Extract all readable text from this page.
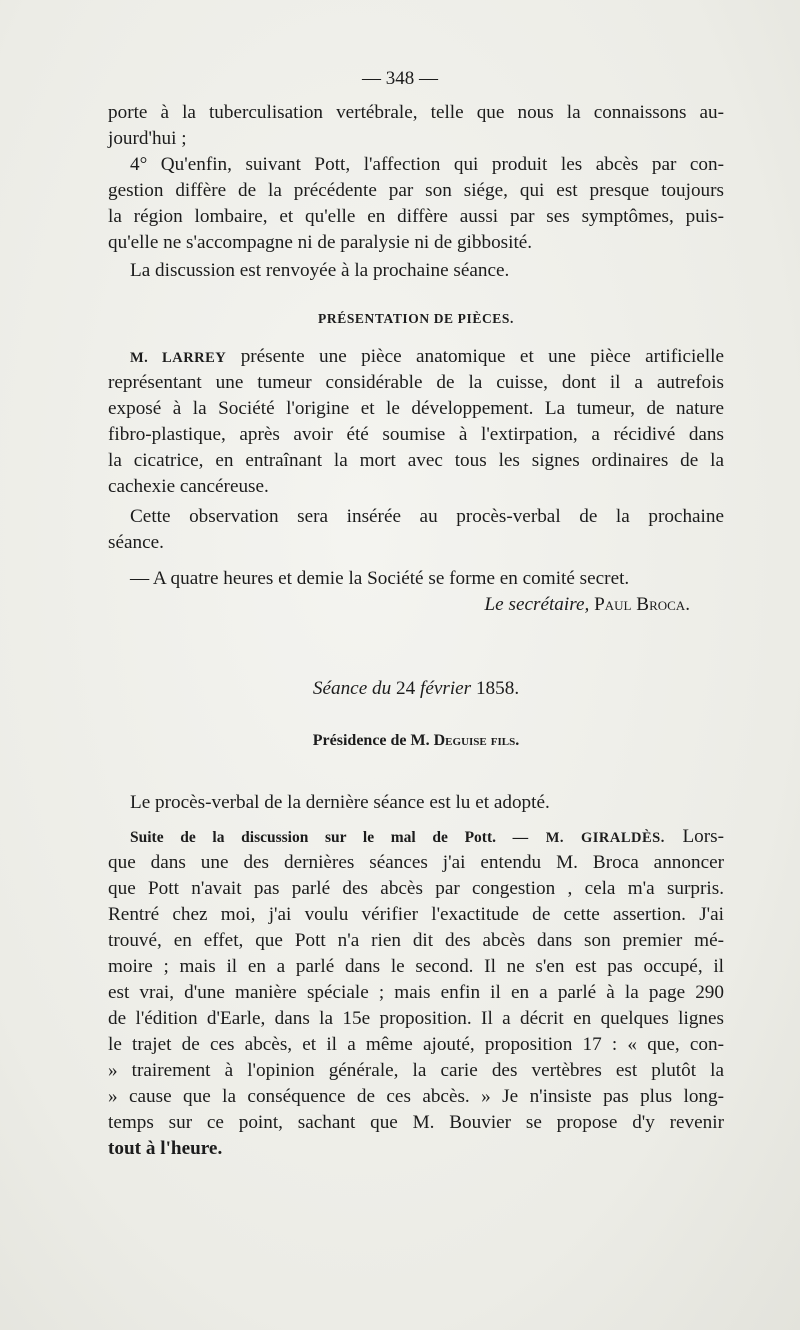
— 348 —
porte à la tuberculisation vertébrale, telle que nous la connaissons au-
jourd'hui ;
4° Qu'enfin, suivant Pott, l'affection qui produit les abcès par con-
gestion diffère de la précédente par son siége, qui est presque toujours
la région lombaire, et qu'elle en diffère aussi par ses symptômes, puis-
qu'elle ne s'accompagne ni de paralysie ni de gibbosité.
La discussion est renvoyée à la prochaine séance.
PRÉSENTATION DE PIÈCES.
M. LARREY présente une pièce anatomique et une pièce artificielle
représentant une tumeur considérable de la cuisse, dont il a autrefois
exposé à la Société l'origine et le développement. La tumeur, de nature
fibro-plastique, après avoir été soumise à l'extirpation, a récidivé dans
la cicatrice, en entraînant la mort avec tous les signes ordinaires de la
cachexie cancéreuse.
Cette observation sera insérée au procès-verbal de la prochaine
séance.
— A quatre heures et demie la Société se forme en comité secret.
Le secrétaire, Paul Broca.
Séance du 24 février 1858.
Présidence de M. Deguise fils.
Le procès-verbal de la dernière séance est lu et adopté.
Suite de la discussion sur le mal de Pott. — M. GIRALDÈS. Lors-
que dans une des dernières séances j'ai entendu M. Broca annoncer
que Pott n'avait pas parlé des abcès par congestion , cela m'a surpris.
Rentré chez moi, j'ai voulu vérifier l'exactitude de cette assertion. J'ai
trouvé, en effet, que Pott n'a rien dit des abcès dans son premier mé-
moire ; mais il en a parlé dans le second. Il ne s'en est pas occupé, il
est vrai, d'une manière spéciale ; mais enfin il en a parlé à la page 290
de l'édition d'Earle, dans la 15e proposition. Il a décrit en quelques lignes
le trajet de ces abcès, et il a même ajouté, proposition 17 : « que, con-
» trairement à l'opinion générale, la carie des vertèbres est plutôt la
» cause que la conséquence de ces abcès. » Je n'insiste pas plus long-
temps sur ce point, sachant que M. Bouvier se propose d'y revenir
tout à l'heure.
